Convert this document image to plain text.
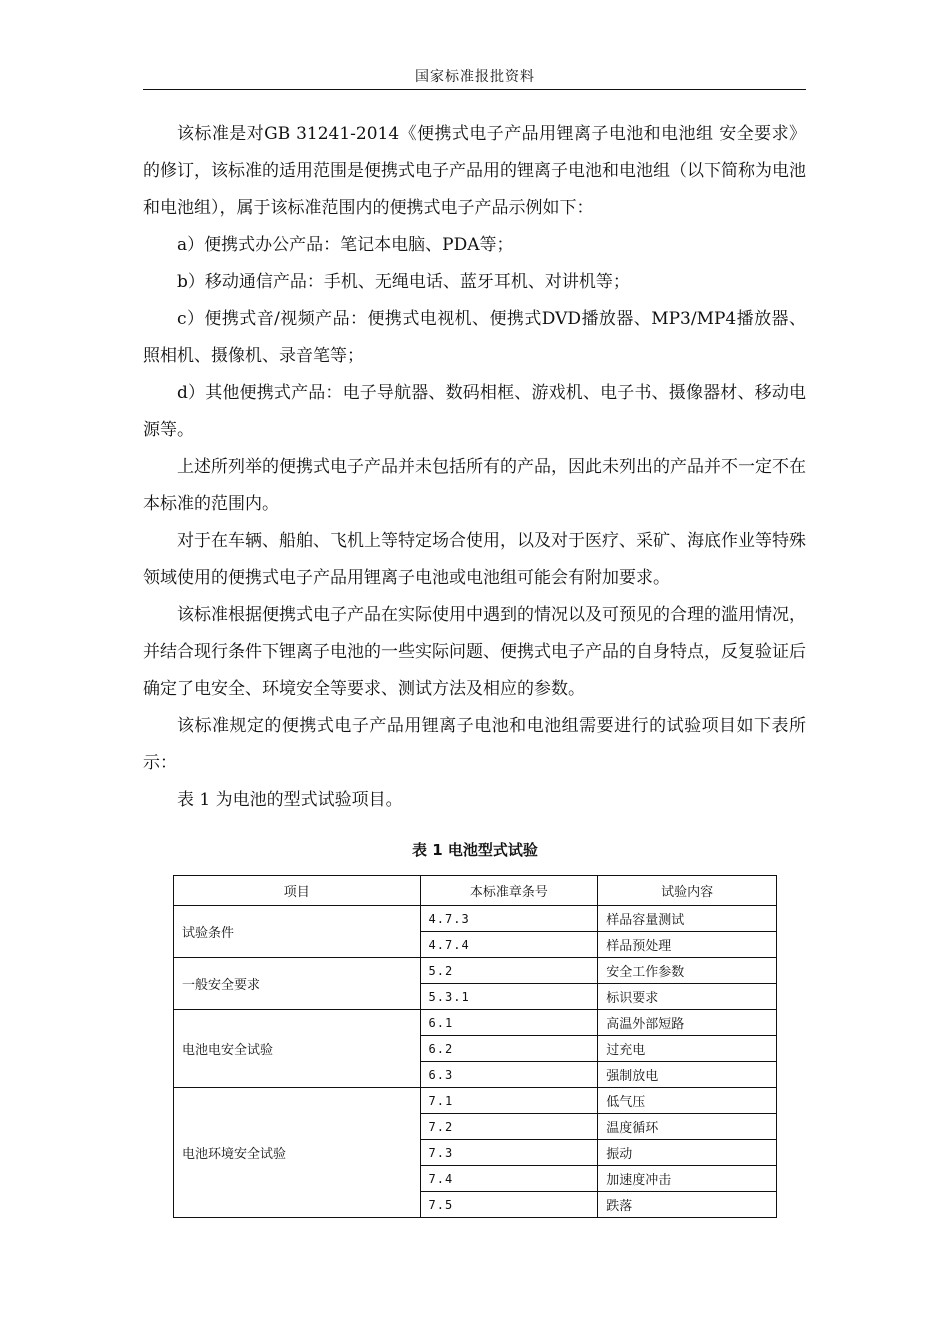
国家标准报批资料

该标准是对GB 31241-2014《便携式电子产品用锂离子电池和电池组 安全要求》的修订，该标准的适用范围是便携式电子产品用的锂离子电池和电池组（以下简称为电池和电池组），属于该标准范围内的便携式电子产品示例如下：

a）便携式办公产品：笔记本电脑、PDA等；

b）移动通信产品：手机、无绳电话、蓝牙耳机、对讲机等；

c）便携式音/视频产品：便携式电视机、便携式DVD播放器、MP3/MP4播放器、照相机、摄像机、录音笔等；

d）其他便携式产品：电子导航器、数码相框、游戏机、电子书、摄像器材、移动电源等。

上述所列举的便携式电子产品并未包括所有的产品，因此未列出的产品并不一定不在本标准的范围内。

对于在车辆、船舶、飞机上等特定场合使用，以及对于医疗、采矿、海底作业等特殊领域使用的便携式电子产品用锂离子电池或电池组可能会有附加要求。

该标准根据便携式电子产品在实际使用中遇到的情况以及可预见的合理的滥用情况，并结合现行条件下锂离子电池的一些实际问题、便携式电子产品的自身特点，反复验证后确定了电安全、环境安全等要求、测试方法及相应的参数。

该标准规定的便携式电子产品用锂离子电池和电池组需要进行的试验项目如下表所示：

表 1 为电池的型式试验项目。

表 1 电池型式试验
项目	本标准章条号	试验内容
试验条件	4.7.3	样品容量测试
	4.7.4	样品预处理
一般安全要求	5.2	安全工作参数
	5.3.1	标识要求
电池电安全试验	6.1	高温外部短路
	6.2	过充电
	6.3	强制放电
电池环境安全试验	7.1	低气压
	7.2	温度循环
	7.3	振动
	7.4	加速度冲击
	7.5	跌落
